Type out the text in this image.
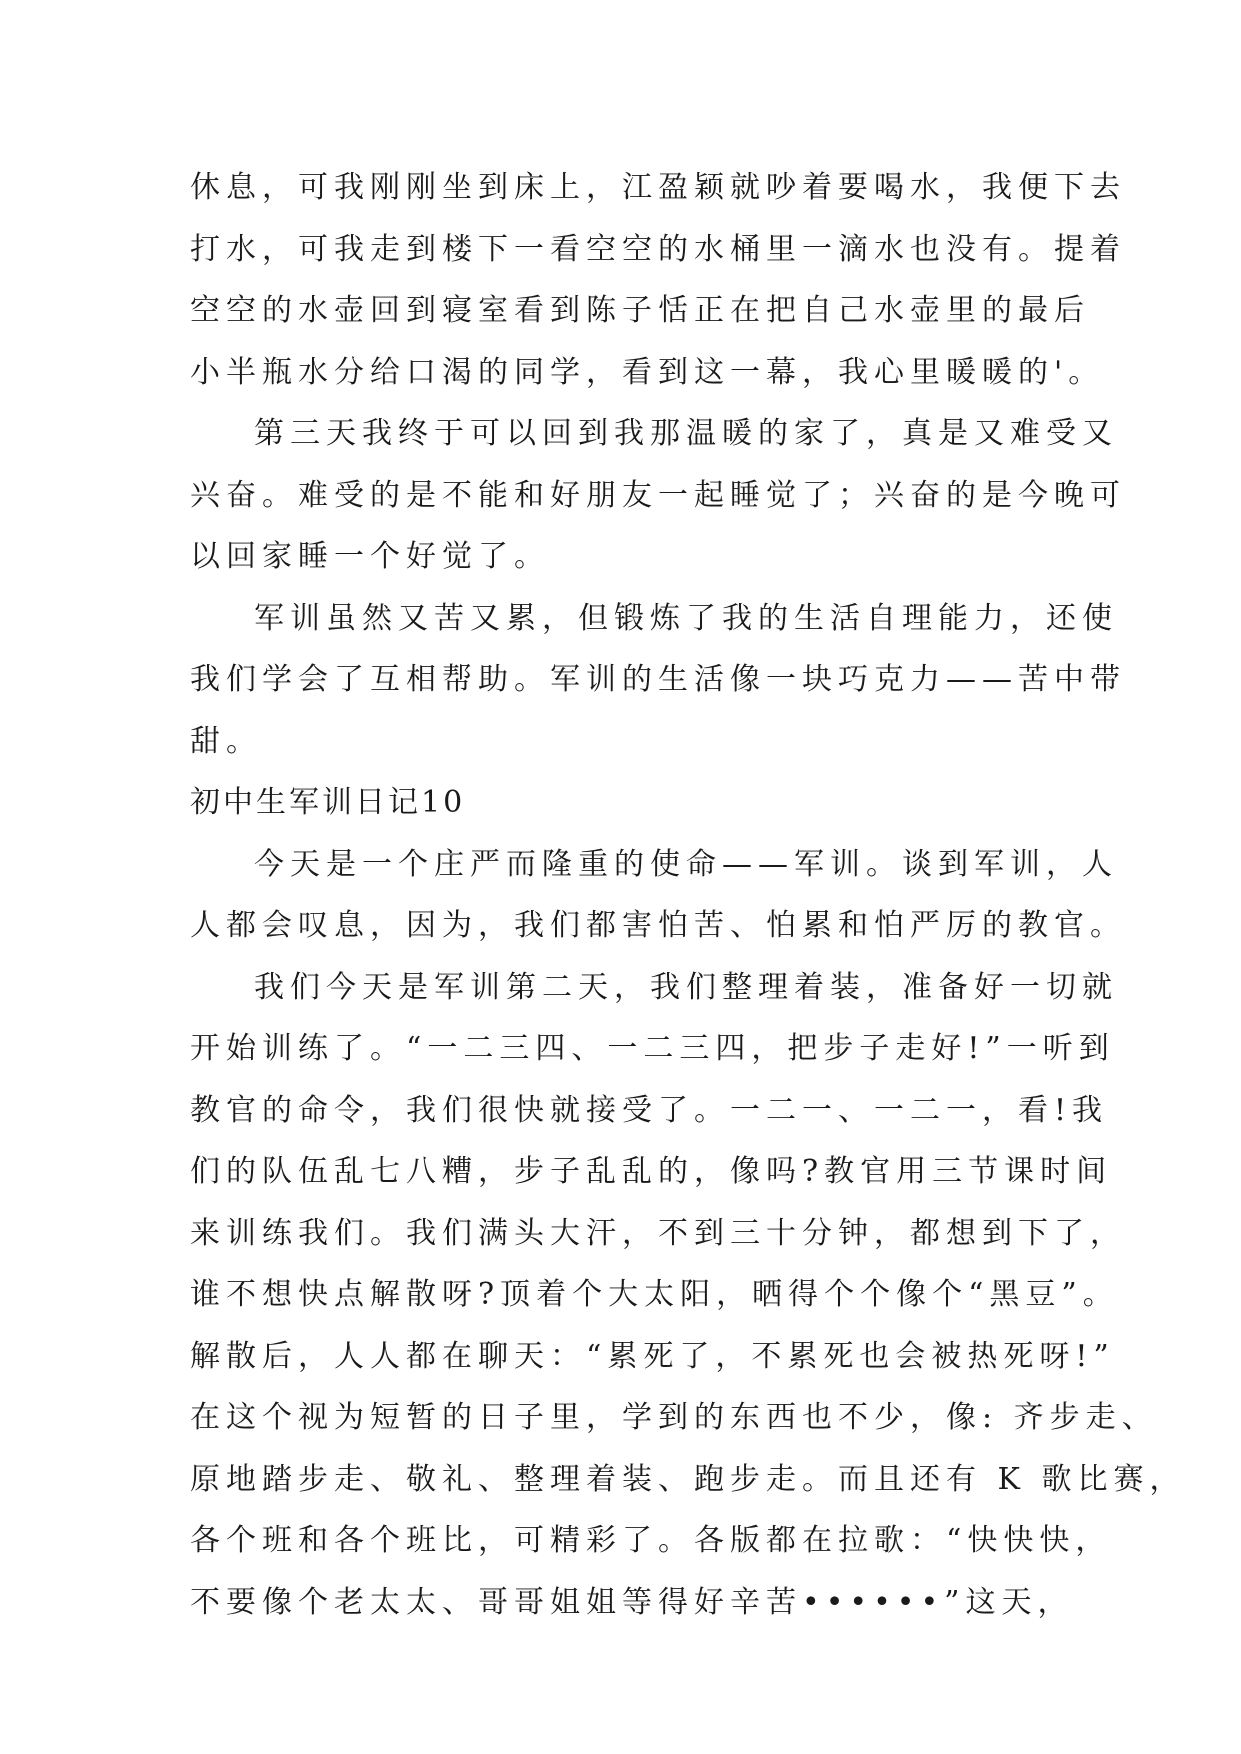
休息，可我刚刚坐到床上，江盈颖就吵着要喝水，我便下去
打水，可我走到楼下一看空空的水桶里一滴水也没有。提着
空空的水壶回到寝室看到陈子恬正在把自己水壶里的最后
小半瓶水分给口渴的同学，看到这一幕，我心里暖暖的'。
第三天我终于可以回到我那温暖的家了，真是又难受又
兴奋。难受的是不能和好朋友一起睡觉了；兴奋的是今晚可
以回家睡一个好觉了。
军训虽然又苦又累，但锻炼了我的生活自理能力，还使
我们学会了互相帮助。军训的生活像一块巧克力——苦中带
甜。
初中生军训日记10
今天是一个庄严而隆重的使命——军训。谈到军训，人
人都会叹息，因为，我们都害怕苦、怕累和怕严厉的教官。
我们今天是军训第二天，我们整理着装，准备好一切就
开始训练了。“一二三四、一二三四，把步子走好!”一听到
教官的命令，我们很快就接受了。一二一、一二一，看!我
们的队伍乱七八糟，步子乱乱的，像吗?教官用三节课时间
来训练我们。我们满头大汗，不到三十分钟，都想到下了，
谁不想快点解散呀?顶着个大太阳，晒得个个像个“黑豆”。
解散后，人人都在聊天：“累死了，不累死也会被热死呀!”
在这个视为短暂的日子里，学到的东西也不少，像: 齐步走、
原地踏步走、敬礼、整理着装、跑步走。而且还有 K 歌比赛，
各个班和各个班比，可精彩了。各版都在拉歌：“快快快，
不要像个老太太、哥哥姐姐等得好辛苦••••••”这天，
